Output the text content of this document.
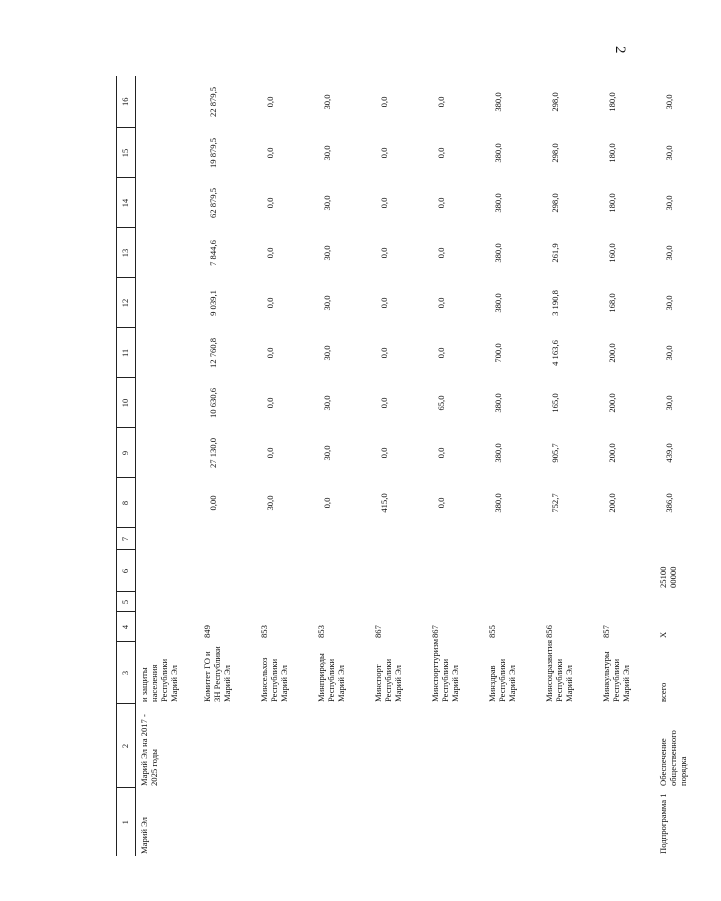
2
1	2	3	4	5	6	7	8	9	10	11	12	13	14	15	16
Марий Эл	Марий Эл на 2017 - 2025 годы	и защиты населения Республики Марий Эл													
		Комитет ГО и ЗН Республики Марий Эл	849				0,00	27 130,0	10 630,6	12 760,8	9 039,1	7 844,6	62 879,5	19 879,5	22 879,5
		Минсельхоз Республики Марий Эл	853				30,0	0,0	0,0	0,0	0,0	0,0	0,0	0,0	0,0
		Минприроды Республики Марий Эл	853				0,0	30,0	30,0	30,0	30,0	30,0	30,0	30,0	30,0
		Минспорт Республики Марий Эл	867				415,0	0,0	0,0	0,0	0,0	0,0	0,0	0,0	0,0
		Минспорттуризм Республики Марий Эл	867				0,0	0,0	65,0	0,0	0,0	0,0	0,0	0,0	0,0
		Минздрав Республики Марий Эл	855				380,0	380,0	380,0	700,0	380,0	380,0	380,0	380,0	380,0
		Минсоцразвития Республики Марий Эл	856				752,7	905,7	165,0	4 163,6	3 190,8	261,9	298,0	298,0	298,0
		Минкультуры Республики Марий Эл	857				200,0	200,0	200,0	200,0	168,0	160,0	180,0	180,0	180,0
Подпрограмма 1	Обеспечение общественного порядка	всего	Х		25100 00000		386,0	439,0	30,0	30,0	30,0	30,0	30,0	30,0	30,0
